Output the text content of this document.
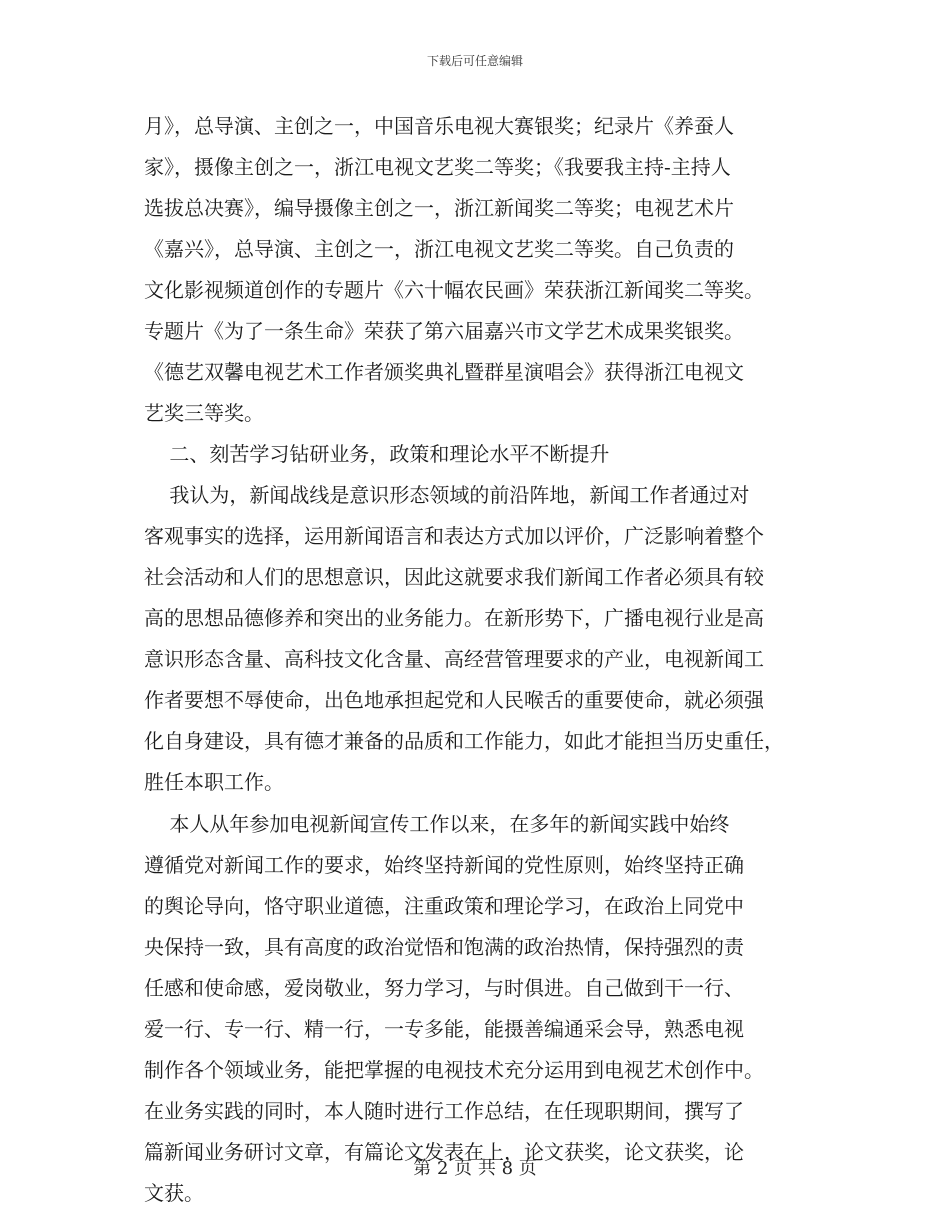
下载后可任意编辑
月》，总导演、主创之一，中国音乐电视大赛银奖；纪录片《养蚕人
家》，摄像主创之一，浙江电视文艺奖二等奖；《我要我主持-主持人
选拔总决赛》，编导摄像主创之一，浙江新闻奖二等奖；电视艺术片
《嘉兴》，总导演、主创之一，浙江电视文艺奖二等奖。自己负责的
文化影视频道创作的专题片《六十幅农民画》荣获浙江新闻奖二等奖。
专题片《为了一条生命》荣获了第六届嘉兴市文学艺术成果奖银奖。
《德艺双馨电视艺术工作者颁奖典礼暨群星演唱会》获得浙江电视文
艺奖三等奖。
二、刻苦学习钻研业务，政策和理论水平不断提升
我认为，新闻战线是意识形态领域的前沿阵地，新闻工作者通过对
客观事实的选择，运用新闻语言和表达方式加以评价，广泛影响着整个
社会活动和人们的思想意识，因此这就要求我们新闻工作者必须具有较
高的思想品德修养和突出的业务能力。在新形势下，广播电视行业是高
意识形态含量、高科技文化含量、高经营管理要求的产业，电视新闻工
作者要想不辱使命，出色地承担起党和人民喉舌的重要使命，就必须强
化自身建设，具有德才兼备的品质和工作能力，如此才能担当历史重任，
胜任本职工作。
本人从年参加电视新闻宣传工作以来，在多年的新闻实践中始终
遵循党对新闻工作的要求，始终坚持新闻的党性原则，始终坚持正确
的舆论导向，恪守职业道德，注重政策和理论学习，在政治上同党中
央保持一致，具有高度的政治觉悟和饱满的政治热情，保持强烈的责
任感和使命感，爱岗敬业，努力学习，与时俱进。自己做到干一行、
爱一行、专一行、精一行，一专多能，能摄善编通采会导，熟悉电视
制作各个领域业务，能把掌握的电视技术充分运用到电视艺术创作中。
在业务实践的同时，本人随时进行工作总结，在任现职期间，撰写了
篇新闻业务研讨文章，有篇论文发表在上，论文获奖，论文获奖，论
文获。
第 2 页 共 8 页
